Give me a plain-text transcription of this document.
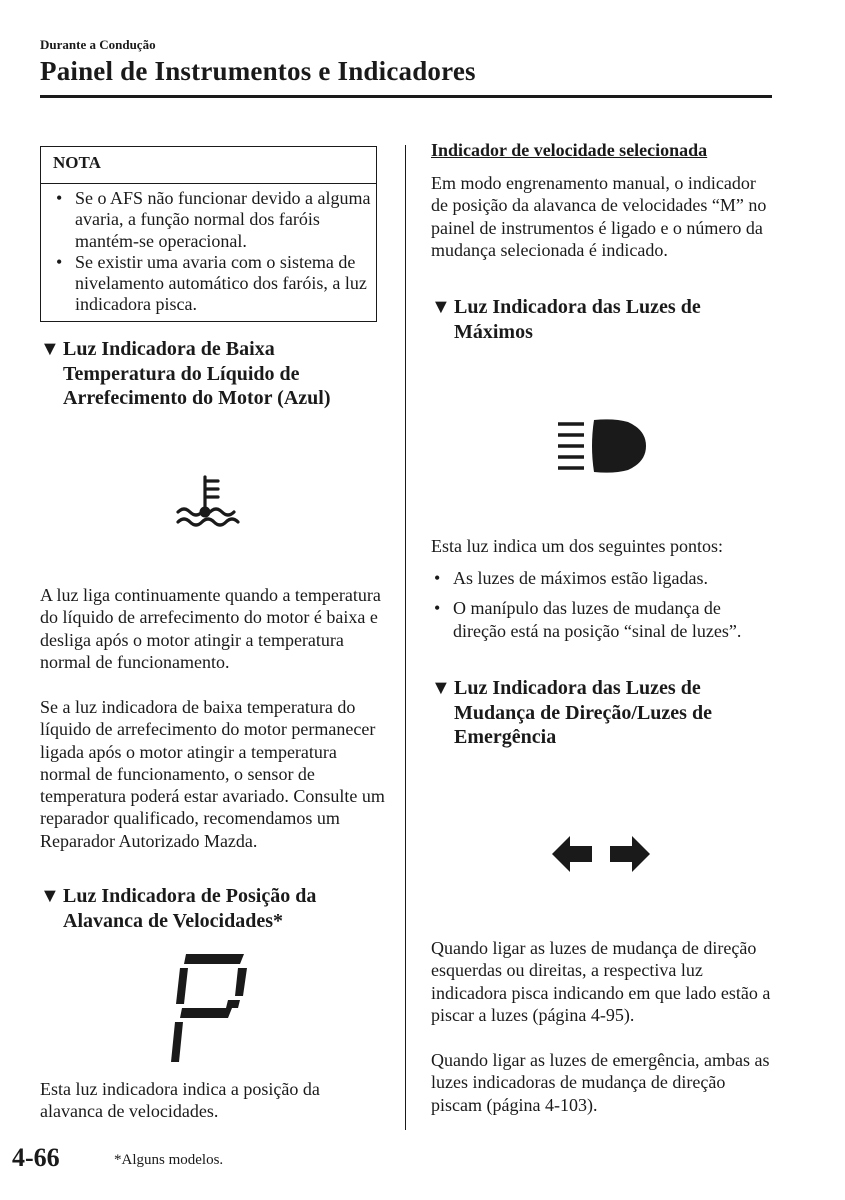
Durante a Condução
Painel de Instrumentos e Indicadores
NOTA
• Se o AFS não funcionar devido a alguma avaria, a função normal dos faróis mantém-se operacional.
• Se existir uma avaria com o sistema de nivelamento automático dos faróis, a luz indicadora pisca.
▼ Luz Indicadora de Baixa Temperatura do Líquido de Arrefecimento do Motor (Azul)
A luz liga continuamente quando a temperatura do líquido de arrefecimento do motor é baixa e desliga após o motor atingir a temperatura normal de funcionamento.
Se a luz indicadora de baixa temperatura do líquido de arrefecimento do motor permanecer ligada após o motor atingir a temperatura normal de funcionamento, o sensor de temperatura poderá estar avariado. Consulte um reparador qualificado, recomendamos um Reparador Autorizado Mazda.
▼ Luz Indicadora de Posição da Alavanca de Velocidades*
Esta luz indicadora indica a posição da alavanca de velocidades.
Indicador de velocidade selecionada
Em modo engrenamento manual, o indicador de posição da alavanca de velocidades “M” no painel de instrumentos é ligado e o número da mudança selecionada é indicado.
▼ Luz Indicadora das Luzes de Máximos
Esta luz indica um dos seguintes pontos:
• As luzes de máximos estão ligadas.
• O manípulo das luzes de mudança de direção está na posição “sinal de luzes”.
▼ Luz Indicadora das Luzes de Mudança de Direção/Luzes de Emergência
Quando ligar as luzes de mudança de direção esquerdas ou direitas, a respectiva luz indicadora pisca indicando em que lado estão a piscar a luzes (página 4-95).
Quando ligar as luzes de emergência, ambas as luzes indicadoras de mudança de direção piscam (página 4-103).
4-66	*Alguns modelos.
